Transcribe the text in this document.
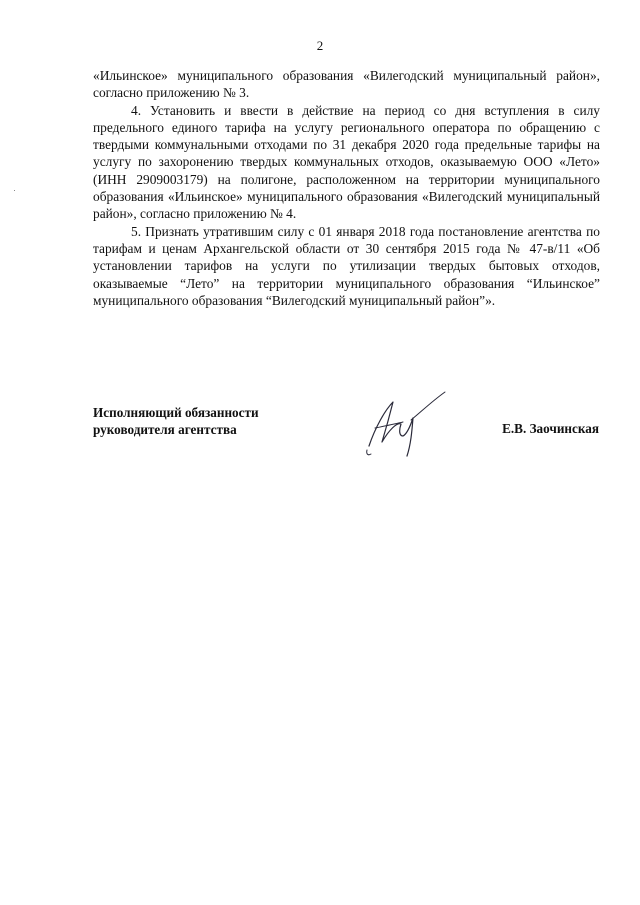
2

«Ильинское» муниципального образования «Вилегодский муниципальный район», согласно приложению № 3.

4. Установить и ввести в действие на период со дня вступления в силу предельного единого тарифа на услугу регионального оператора по обращению с твердыми коммунальными отходами по 31 декабря 2020 года предельные тарифы на услугу по захоронению твердых коммунальных отходов, оказываемую ООО «Лето» (ИНН 2909003179) на полигоне, расположенном на территории муниципального образования «Ильинское» муниципального образования «Вилегодский муниципальный район», согласно приложению № 4.

5. Признать утратившим силу с 01 января 2018 года постановление агентства по тарифам и ценам Архангельской области от 30 сентября 2015 года № 47-в/11 «Об установлении тарифов на услуги по утилизации твердых бытовых отходов, оказываемые “Лето” на территории муниципального образования “Ильинское” муниципального образования “Вилегодский муниципальный район”».

Исполняющий обязанности
руководителя агентства	Е.В. Заочинская
